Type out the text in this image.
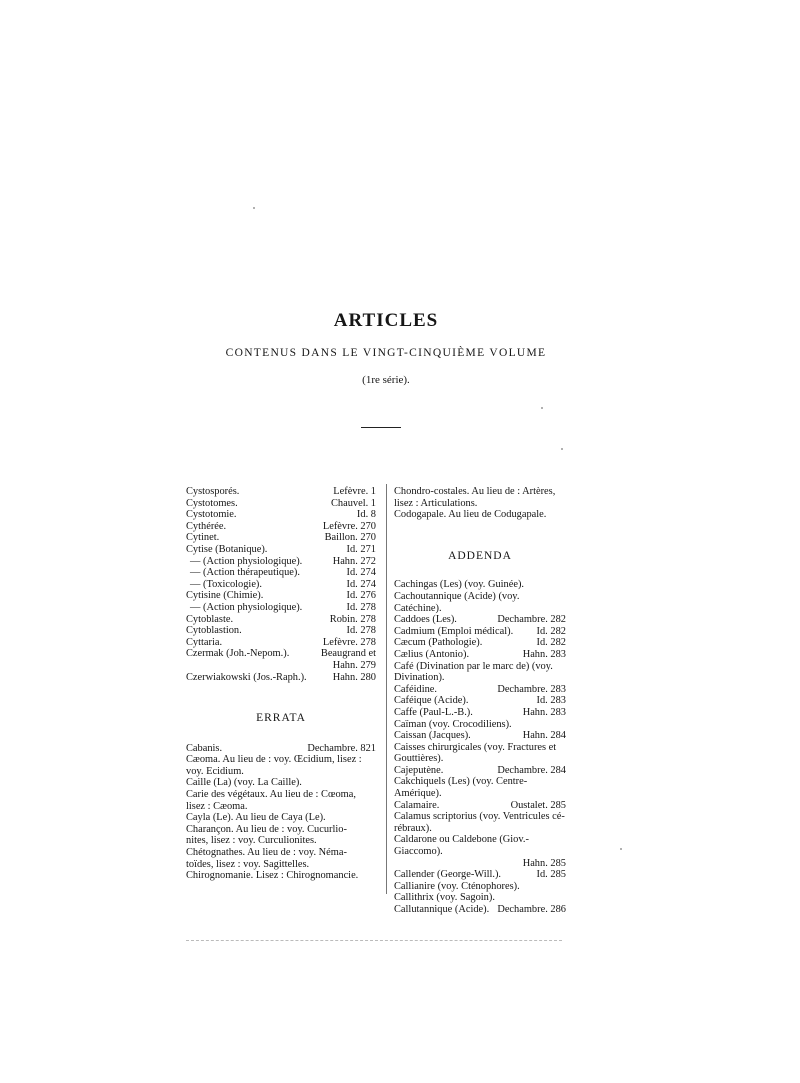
ARTICLES
CONTENUS DANS LE VINGT-CINQUIÈME VOLUME
(1re série).
Cystosporés.	Lefèvre. 1
Cystotomes.	Chauvel. 1
Cystotomie.	Id. 8
Cythérée.	Lefèvre. 270
Cytinet.	Baillon. 270
Cytise (Botanique).	Id. 271
— (Action physiologique).	Hahn. 272
— (Action thérapeutique).	Id. 274
— (Toxicologie).	Id. 274
Cytisine (Chimie).	Id. 276
— (Action physiologique).	Id. 278
Cytoblaste.	Robin. 278
Cytoblastion.	Id. 278
Cyttaria.	Lefèvre. 278
Czermak (Joh.-Nepom.).	Beaugrand et
Hahn. 279
Czerwiakowski (Jos.-Raph.).	Hahn. 280
ERRATA
Cabanis.	Dechambre. 821
Cæoma. Au lieu de : voy. Œcidium, lisez :
voy. Ecidium.
Caille (La) (voy. La Caille).
Carie des végétaux. Au lieu de : Cœoma,
lisez : Cæoma.
Cayla (Le). Au lieu de Caya (Le).
Charançon. Au lieu de : voy. Cucurlio-
nites, lisez : voy. Curculionites.
Chétognathes. Au lieu de : voy. Néma-
toïdes, lisez : voy. Sagittelles.
Chirognomanie. Lisez : Chirognomancie.
Chondro-costales. Au lieu de : Artères,
lisez : Articulations.
Codogapale. Au lieu de Codugapale.
ADDENDA
Cachingas (Les) (voy. Guinée).
Cachoutannique (Acide) (voy. Catéchine).
Caddoes (Les).	Dechambre. 282
Cadmium (Emploi médical).	Id. 282
Cæcum (Pathologie).	Id. 282
Cælius (Antonio).	Hahn. 283
Café (Divination par le marc de) (voy.
Divination).
Caféidine.	Dechambre. 283
Caféique (Acide).	Id. 283
Caffe (Paul-L.-B.).	Hahn. 283
Caïman (voy. Crocodiliens).
Caissan (Jacques).	Hahn. 284
Caisses chirurgicales (voy. Fractures et
Gouttières).
Cajeputène.	Dechambre. 284
Cakchiquels (Les) (voy. Centre-Amérique).
Calamaire.	Oustalet. 285
Calamus scriptorius (voy. Ventricules cé-
rébraux).
Caldarone ou Caldebone (Giov.-Giaccomo).
Hahn. 285
Callender (George-Will.).	Id. 285
Callianire (voy. Cténophores).
Callithrix (voy. Sagoin).
Callutannique (Acide). Dechambre. 286
